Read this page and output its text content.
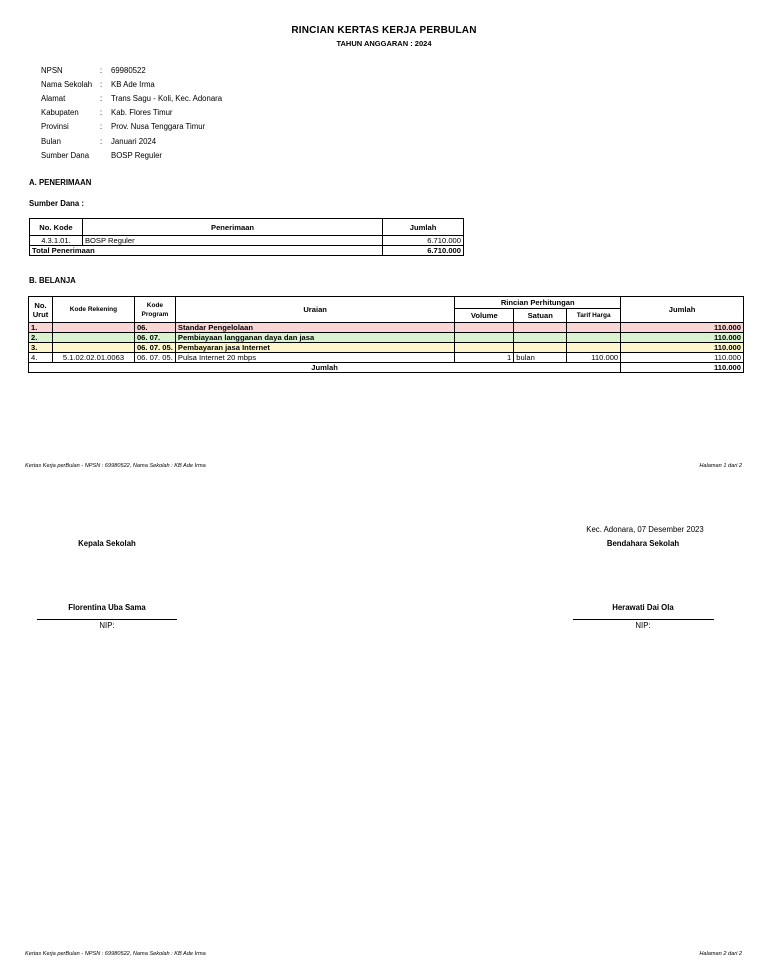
RINCIAN KERTAS KERJA PERBULAN
TAHUN ANGGARAN : 2024
NPSN	:	69980522
Nama Sekolah	:	KB Ade Irma
Alamat	:	Trans Sagu - Koli, Kec. Adonara
Kabupaten	:	Kab. Flores Timur
Provinsi	:	Prov. Nusa Tenggara Timur
Bulan	:	Januari 2024
Sumber Dana	BOSP Reguler
A. PENERIMAAN
Sumber Dana :
No. Kode	Penerimaan	Jumlah
4.3.1.01.	BOSP Reguler	6.710.000
Total Penerimaan		6.710.000
B. BELANJA
No. Urut	Kode Rekening	Kode Program	Uraian	Rincian Perhitungan			Jumlah
				Volume	Satuan	Tarif Harga	
1.		06.	Standar Pengelolaan				110.000
2.		06. 07.	Pembiayaan langganan daya dan jasa				110.000
3.		06. 07. 05.	Pembayaran jasa Internet				110.000
4.	5.1.02.02.01.0063	06. 07. 05.	Pulsa Internet 20 mbps	1	bulan	110.000	110.000
Jumlah							110.000
Kertas Kerja perBulan - NPSN : 69980522, Nama Sekolah : KB Ade Irma	Halaman 1 dari 2
Kec. Adonara, 07 Desember 2023
Kepala Sekolah	Bendahara Sekolah
Florentina Uba Sama
NIP:
Herawati Dai Ola
NIP:
Kertas Kerja perBulan - NPSN : 69980522, Nama Sekolah : KB Ade Irma	Halaman 2 dari 2
